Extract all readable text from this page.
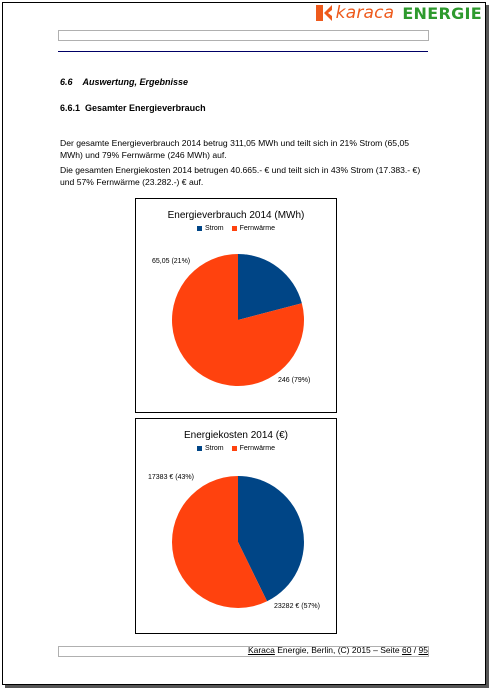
karaca ENERGIE
6.6 Auswertung, Ergebnisse
6.6.1 Gesamter Energieverbrauch
Der gesamte Energieverbrauch 2014 betrug 311,05 MWh und teilt sich in 21% Strom (65,05 MWh) und 79% Fernwärme (246 MWh) auf.
Die gesamten Energiekosten 2014 betrugen 40.665.- € und teilt sich in 43% Strom (17.383.- €) und 57% Fernwärme (23.282.-) € auf.
Energieverbrauch 2014 (MWh)
Strom Fernwärme
65,05 (21%)
246 (79%)
Energiekosten 2014 (€)
Strom Fernwärme
17383 € (43%)
23282 € (57%)
Karaca Energie, Berlin, (C) 2015 – Seite 60 / 95
